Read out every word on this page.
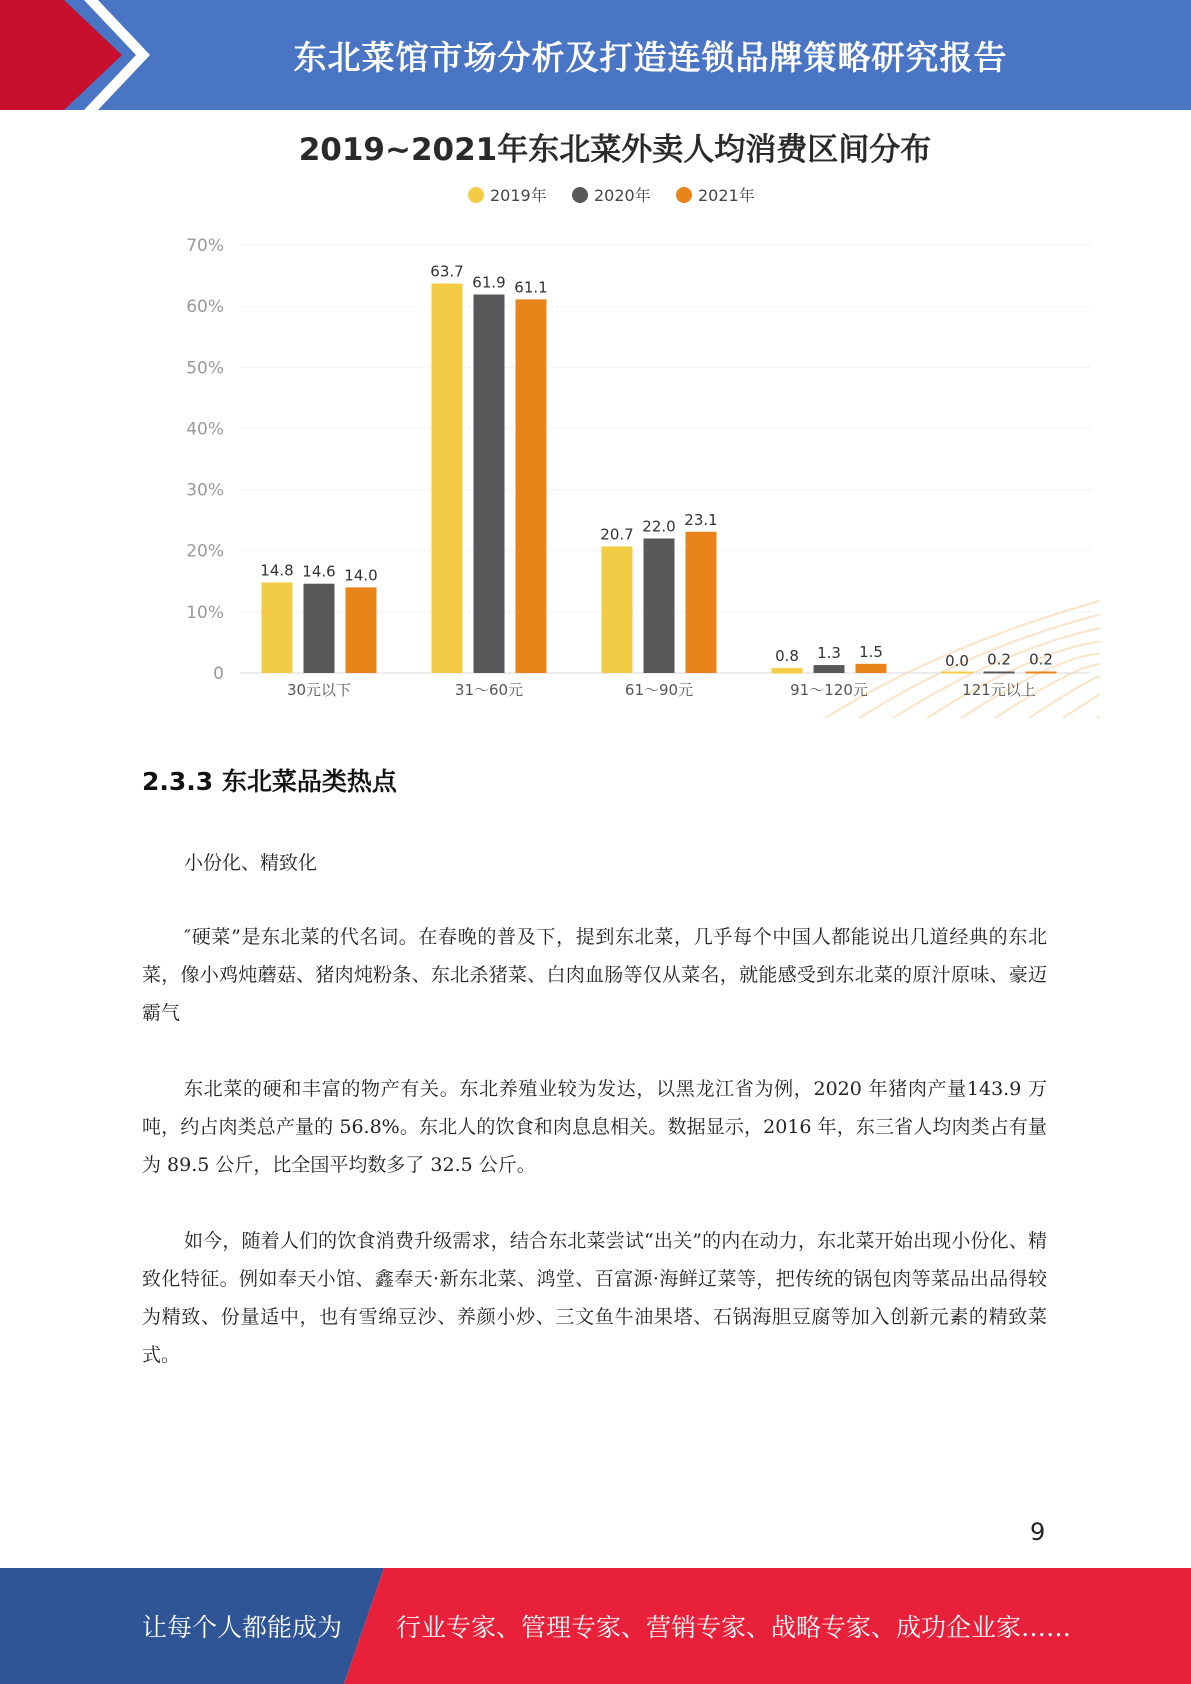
东北菜馆市场分析及打造连锁品牌策略研究报告
2019~2021年东北菜外卖人均消费区间分布
2019年	2020年	2021年
0
10%
20%
30%
40%
50%
60%
70%
14.8 14.6 14.0
63.7
61.9 61.1
20.7 22.0 23.1
0.8 1.3 1.5
0.0 0.2 0.2
30元以下	31～60元	61～90元	91～120元	121元以上
2.3.3 东北菜品类热点
小份化、精致化

″硬菜”是东北菜的代名词。在春晚的普及下，提到东北菜，几乎每个中国人都能说出几道经典的东北菜，像小鸡炖蘑菇、猪肉炖粉条、东北杀猪菜、白肉血肠等仅从菜名，就能感受到东北菜的原汁原味、豪迈霸气

东北菜的硬和丰富的物产有关。东北养殖业较为发达，以黑龙江省为例，2020 年猪肉产量143.9 万吨，约占肉类总产量的 56.8%。东北人的饮食和肉息息相关。数据显示，2016 年，东三省人均肉类占有量为 89.5 公斤，比全国平均数多了 32.5 公斤。

如今，随着人们的饮食消费升级需求，结合东北菜尝试“出关”的内在动力，东北菜开始出现小份化、精致化特征。例如奉天小馆、鑫奉天·新东北菜、鸿堂、百富源·海鲜辽菜等，把传统的锅包肉等菜品出品得较为精致、份量适中，也有雪绵豆沙、养颜小炒、三文鱼牛油果塔、石锅海胆豆腐等加入创新元素的精致菜式。

9
让每个人都能成为 行业专家、管理专家、营销专家、战略专家、成功企业家……
